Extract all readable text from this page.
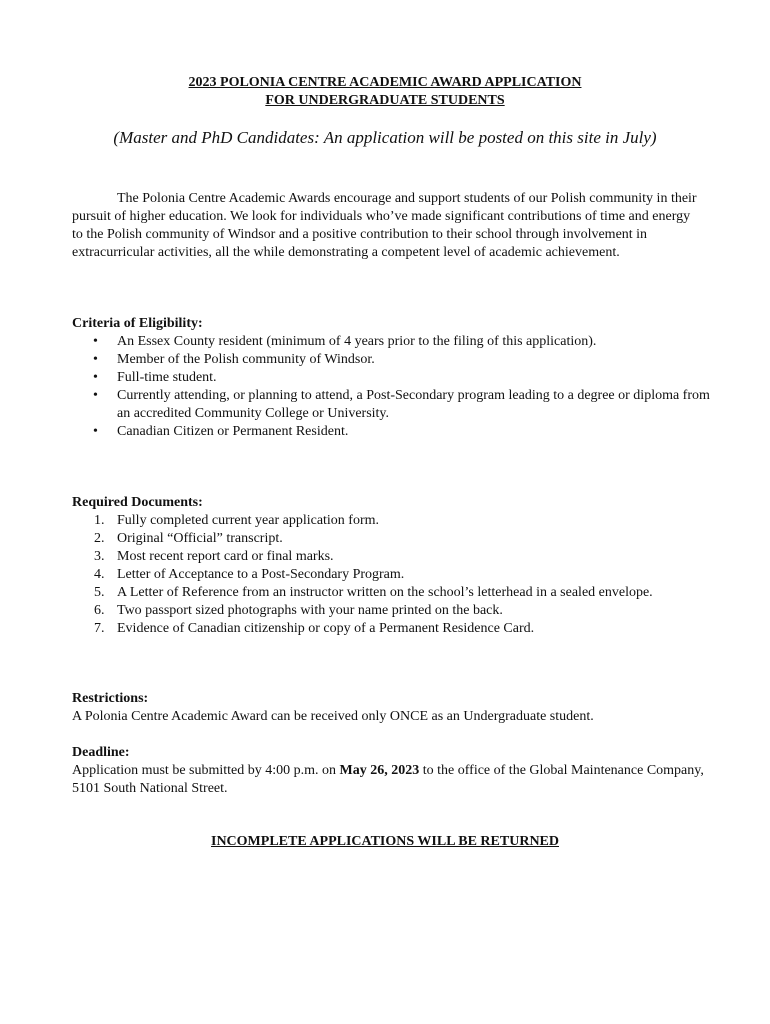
2023 POLONIA CENTRE ACADEMIC AWARD APPLICATION
FOR UNDERGRADUATE STUDENTS
(Master and PhD Candidates: An application will be posted on this site in July)

The Polonia Centre Academic Awards encourage and support students of our Polish community in their pursuit of higher education. We look for individuals who’ve made significant contributions of time and energy to the Polish community of Windsor and a positive contribution to their school through involvement in extracurricular activities, all the while demonstrating a competent level of academic achievement.

Criteria of Eligibility:
• An Essex County resident (minimum of 4 years prior to the filing of this application).
• Member of the Polish community of Windsor.
• Full-time student.
• Currently attending, or planning to attend, a Post-Secondary program leading to a degree or diploma from an accredited Community College or University.
• Canadian Citizen or Permanent Resident.
Required Documents:
1. Fully completed current year application form.
2. Original “Official” transcript.
3. Most recent report card or final marks.
4. Letter of Acceptance to a Post-Secondary Program.
5. A Letter of Reference from an instructor written on the school’s letterhead in a sealed envelope.
6. Two passport sized photographs with your name printed on the back.
7. Evidence of Canadian citizenship or copy of a Permanent Residence Card.
Restrictions:

A Polonia Centre Academic Award can be received only ONCE as an Undergraduate student.

Deadline:

Application must be submitted by 4:00 p.m. on May 26, 2023 to the office of the Global Maintenance Company, 5101 South National Street.

INCOMPLETE APPLICATIONS WILL BE RETURNED
